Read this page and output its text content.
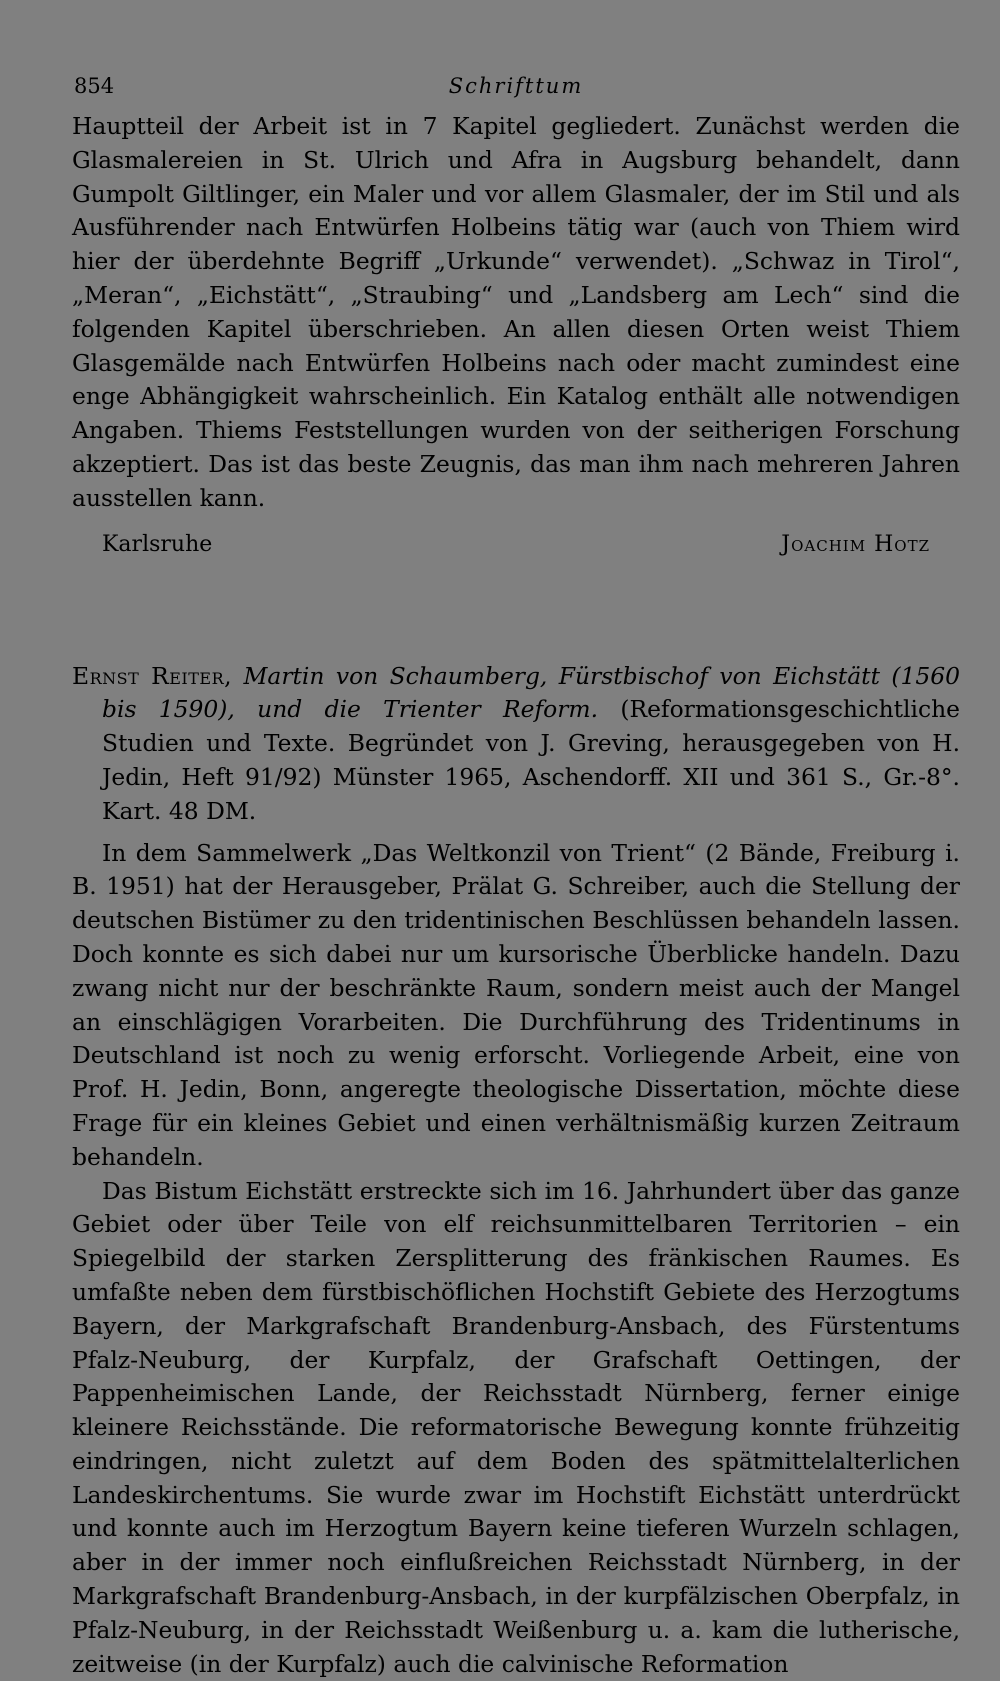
854	Schrifttum

Hauptteil der Arbeit ist in 7 Kapitel gegliedert. Zunächst werden die Glasmalereien in St. Ulrich und Afra in Augsburg behandelt, dann Gumpolt Giltlinger, ein Maler und vor allem Glasmaler, der im Stil und als Ausführender nach Entwürfen Holbeins tätig war (auch von Thiem wird hier der überdehnte Begriff „Urkunde“ verwendet). „Schwaz in Tirol“, „Meran“, „Eichstätt“, „Straubing“ und „Landsberg am Lech“ sind die folgenden Kapitel überschrieben. An allen diesen Orten weist Thiem Glasgemälde nach Entwürfen Holbeins nach oder macht zumindest eine enge Abhängigkeit wahrscheinlich. Ein Katalog enthält alle notwendigen Angaben. Thiems Feststellungen wurden von der seitherigen Forschung akzeptiert. Das ist das beste Zeugnis, das man ihm nach mehreren Jahren ausstellen kann.

Karlsruhe	Joachim Hotz

Ernst Reiter, Martin von Schaumberg, Fürstbischof von Eichstätt (1560 bis 1590), und die Trienter Reform. (Reformationsgeschichtliche Studien und Texte. Begründet von J. Greving, herausgegeben von H. Jedin, Heft 91/92) Münster 1965, Aschendorff. XII und 361 S., Gr.-8°. Kart. 48 DM.

In dem Sammelwerk „Das Weltkonzil von Trient“ (2 Bände, Freiburg i. B. 1951) hat der Herausgeber, Prälat G. Schreiber, auch die Stellung der deutschen Bistümer zu den tridentinischen Beschlüssen behandeln lassen. Doch konnte es sich dabei nur um kursorische Überblicke handeln. Dazu zwang nicht nur der beschränkte Raum, sondern meist auch der Mangel an einschlägigen Vorarbeiten. Die Durchführung des Tridentinums in Deutschland ist noch zu wenig erforscht. Vorliegende Arbeit, eine von Prof. H. Jedin, Bonn, angeregte theologische Dissertation, möchte diese Frage für ein kleines Gebiet und einen verhältnismäßig kurzen Zeitraum behandeln.

Das Bistum Eichstätt erstreckte sich im 16. Jahrhundert über das ganze Gebiet oder über Teile von elf reichsunmittelbaren Territorien – ein Spiegelbild der starken Zersplitterung des fränkischen Raumes. Es umfaßte neben dem fürstbischöflichen Hochstift Gebiete des Herzogtums Bayern, der Markgrafschaft Brandenburg-Ansbach, des Fürstentums Pfalz-Neuburg, der Kurpfalz, der Grafschaft Oettingen, der Pappenheimischen Lande, der Reichsstadt Nürnberg, ferner einige kleinere Reichsstände. Die reformatorische Bewegung konnte frühzeitig eindringen, nicht zuletzt auf dem Boden des spätmittelalterlichen Landeskirchentums. Sie wurde zwar im Hochstift Eichstätt unterdrückt und konnte auch im Herzogtum Bayern keine tieferen Wurzeln schlagen, aber in der immer noch einflußreichen Reichsstadt Nürnberg, in der Markgrafschaft Brandenburg-Ansbach, in der kurpfälzischen Oberpfalz, in Pfalz-Neuburg, in der Reichsstadt Weißenburg u. a. kam die lutherische, zeitweise (in der Kurpfalz) auch die calvinische Reformation
